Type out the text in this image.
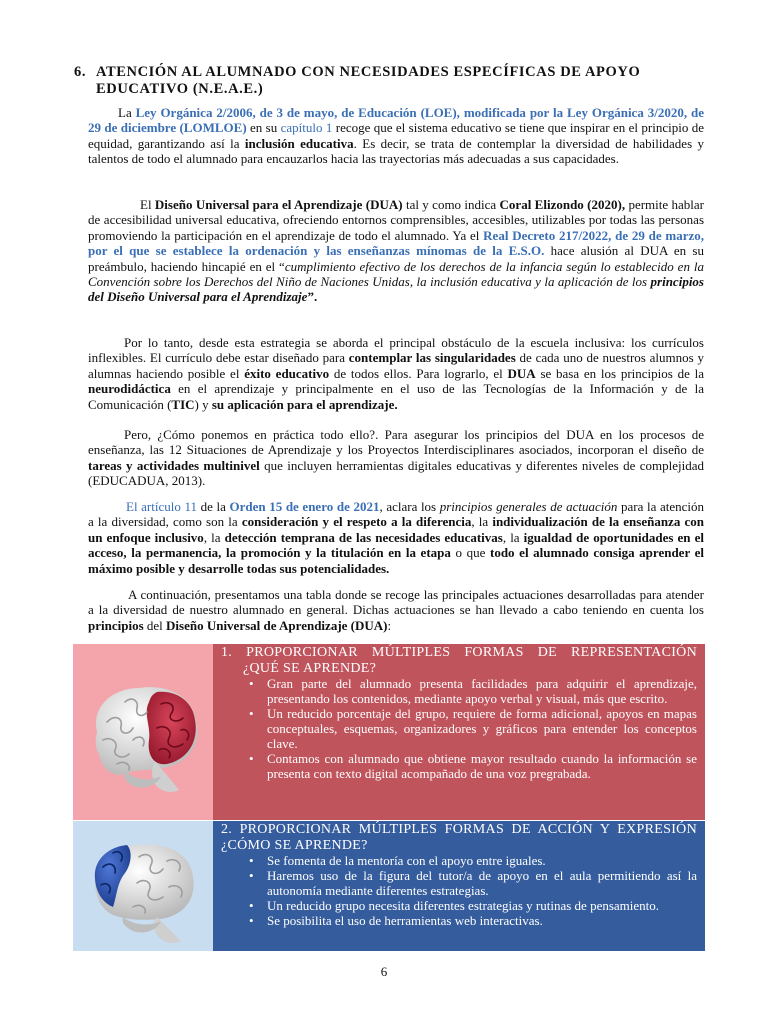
6. ATENCIÓN AL ALUMNADO CON NECESIDADES ESPECÍFICAS DE APOYO
EDUCATIVO (N.E.A.E.)

La Ley Orgánica 2/2006, de 3 de mayo, de Educación (LOE), modificada por la Ley Orgánica 3/2020, de 29 de diciembre (LOMLOE) en su capítulo 1 recoge que el sistema educativo se tiene que inspirar en el principio de equidad, garantizando así la inclusión educativa. Es decir, se trata de contemplar la diversidad de habilidades y talentos de todo el alumnado para encauzarlos hacia las trayectorias más adecuadas a sus capacidades.

El Diseño Universal para el Aprendizaje (DUA) tal y como indica Coral Elizondo (2020), permite hablar de accesibilidad universal educativa, ofreciendo entornos comprensibles, accesibles, utilizables por todas las personas promoviendo la participación en el aprendizaje de todo el alumnado. Ya el Real Decreto 217/2022, de 29 de marzo, por el que se establece la ordenación y las enseñanzas mínomas de la E.S.O. hace alusión al DUA en su preámbulo, haciendo hincapié en el “cumplimiento efectivo de los derechos de la infancia según lo establecido en la Convención sobre los Derechos del Niño de Naciones Unidas, la inclusión educativa y la aplicación de los principios del Diseño Universal para el Aprendizaje”.

Por lo tanto, desde esta estrategia se aborda el principal obstáculo de la escuela inclusiva: los currículos inflexibles. El currículo debe estar diseñado para contemplar las singularidades de cada uno de nuestros alumnos y alumnas haciendo posible el éxito educativo de todos ellos. Para lograrlo, el DUA se basa en los principios de la neurodidáctica en el aprendizaje y principalmente en el uso de las Tecnologías de la Información y de la Comunicación (TIC) y su aplicación para el aprendizaje.

Pero, ¿Cómo ponemos en práctica todo ello?. Para asegurar los principios del DUA en los procesos de enseñanza, las 12 Situaciones de Aprendizaje y los Proyectos Interdisciplinares asociados, incorporan el diseño de tareas y actividades multinivel que incluyen herramientas digitales educativas y diferentes niveles de complejidad (EDUCADUA, 2013).

El artículo 11 de la Orden 15 de enero de 2021, aclara los principios generales de actuación para la atención a la diversidad, como son la consideración y el respeto a la diferencia, la individualización de la enseñanza con un enfoque inclusivo, la detección temprana de las necesidades educativas, la igualdad de oportunidades en el acceso, la permanencia, la promoción y la titulación en la etapa o que todo el alumnado consiga aprender el máximo posible y desarrolle todas sus potencialidades.

A continuación, presentamos una tabla donde se recoge las principales actuaciones desarrolladas para atender a la diversidad de nuestro alumnado en general. Dichas actuaciones se han llevado a cabo teniendo en cuenta los principios del Diseño Universal de Aprendizaje (DUA):

1. PROPORCIONAR MÚLTIPLES FORMAS DE REPRESENTACIÓN
¿QUÉ SE APRENDE?

• Gran parte del alumnado presenta facilidades para adquirir el aprendizaje, presentando los contenidos, mediante apoyo verbal y visual, más que escrito.
• Un reducido porcentaje del grupo, requiere de forma adicional, apoyos en mapas conceptuales, esquemas, organizadores y gráficos para entender los conceptos clave.
• Contamos con alumnado que obtiene mayor resultado cuando la información se presenta con texto digital acompañado de una voz pregrabada.

2. PROPORCIONAR MÚLTIPLES FORMAS DE ACCIÓN Y EXPRESIÓN ¿CÓMO SE APRENDE?

• Se fomenta de la mentoría con el apoyo entre iguales.
• Haremos uso de la figura del tutor/a de apoyo en el aula permitiendo así la autonomía mediante diferentes estrategias.
• Un reducido grupo necesita diferentes estrategias y rutinas de pensamiento.
• Se posibilita el uso de herramientas web interactivas.
6
